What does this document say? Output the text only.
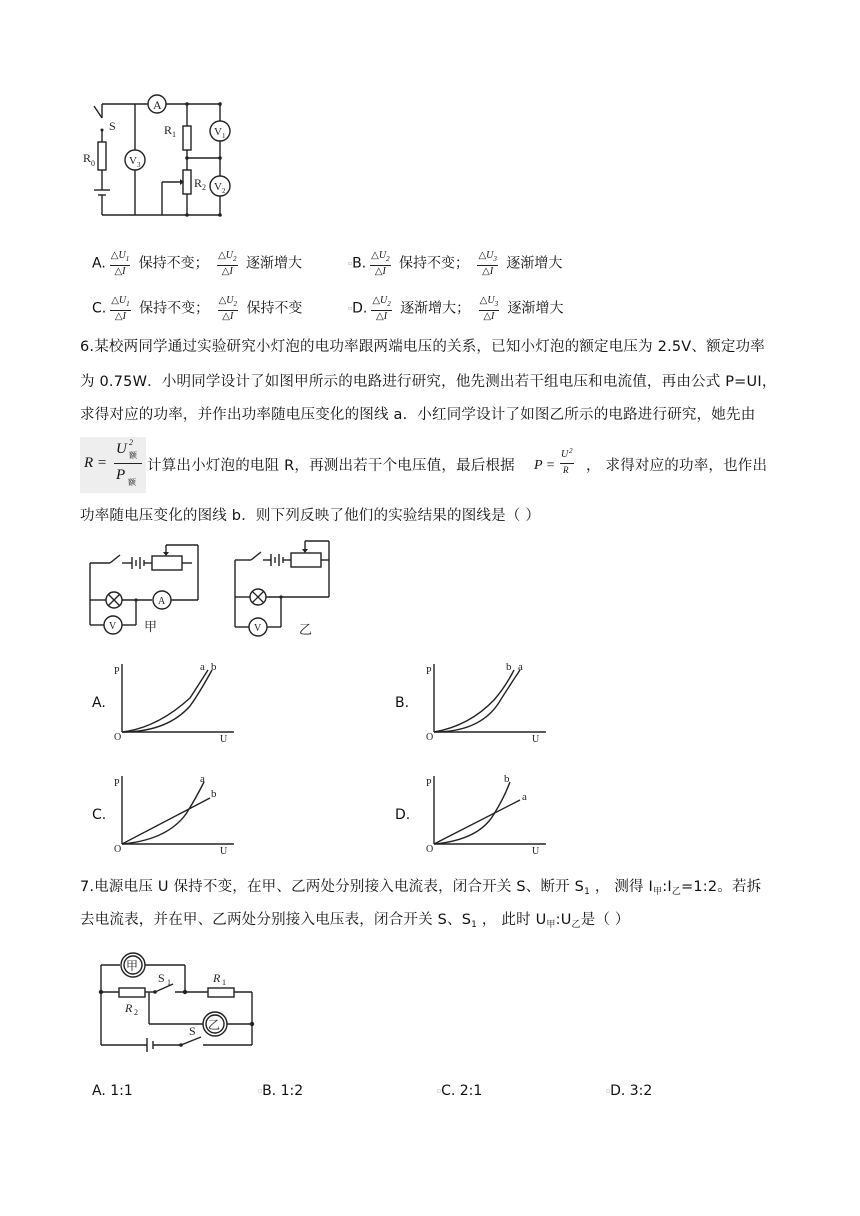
A
S
R 0	V 3
R 1
R 2
V 1
V 2
A. $\frac{\triangle U_1}{\triangle I}$ 保持不变； $\frac{\triangle U_2}{\triangle I}$ 逐渐增大	▫B. $\frac{\triangle U_2}{\triangle I}$ 保持不变； $\frac{\triangle U_3}{\triangle I}$ 逐渐增大
C. $\frac{\triangle U_1}{\triangle I}$ 保持不变； $\frac{\triangle U_2}{\triangle I}$ 保持不变	▫D. $\frac{\triangle U_2}{\triangle I}$ 逐渐增大； $\frac{\triangle U_3}{\triangle I}$ 逐渐增大
6.某校两同学通过实验研究小灯泡的电功率跟两端电压的关系，已知小灯泡的额定电压为 2.5V、额定功率
为 0.75W．小明同学设计了如图甲所示的电路进行研究，他先测出若干组电压和电流值，再由公式 P=UI，
求得对应的功率，并作出功率随电压变化的图线 a．小红同学设计了如图乙所示的电路进行研究，她先由
R =
U 2
额
P 额
计算出小灯泡的电阻 R，再测出若干个电压值，最后根据 P =
U 2
R ， 求得对应的功率，也作出
功率随电压变化的图线 b．则下列反映了他们的实验结果的图线是（ ）
A
V 甲	V	乙
A.
P
O	U
a b
B.
P
O	U
b a
C.
P
O	U
a
b
D.
P
O	U
b
a
7.电源电压 U 保持不变，在甲、乙两处分别接入电流表，闭合开关 S、断开 $S_1$ ， 测得 $I_甲:I_乙=1:2$。若拆
去电流表，并在甲、乙两处分别接入电压表，闭合开关 S、$S_1$ ， 此时 $U_甲:U_乙$是（ ）
甲
R 2
S 1	R 1
乙
S
A. 1:1	▫B. 1:2	▫C. 2:1	▫D. 3:2
